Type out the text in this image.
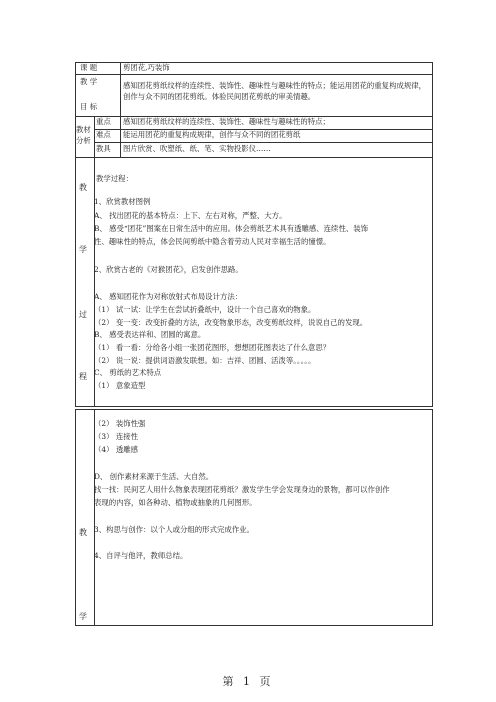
课 题	剪团花,巧装饰
教 学
目 标
感知团花剪纸纹样的连续性、装饰性、趣味性与趣味性的特点；能运用团花的重复构成规律，创作与众不同的团花剪纸。体验民间团花剪纸的审美情趣。
教材
分析
重点 感知团花剪纸纹样的连续性、装饰性、趣味性与趣味性的特点；
难点 能运用团花的重复构成规律，创作与众不同的团花剪纸
教具 图片欣赏、吹塑纸、纸、笔、实物投影仪……
教
学
过
程
教学过程：
1、欣赏教材图例
A、 找出团花的基本特点：上下、左右对称，严整、大方。
B、 感受“团花”图案在日常生活中的应用。体会剪纸艺术具有透雕感、连续性、装饰
性、趣味性的特点，体会民间剪纸中隐含着劳动人民对幸福生活的憧憬。
2、欣赏古老的《对猴团花》，启发创作思路。
A、 感知团花作为对称放射式布局设计方法：
（1） 试一试：让学生在尝试折叠纸中，设计一个自己喜欢的物象。
（2） 变一变：改变折叠的方法，改变物象形态，改变剪纸纹样，说说自己的发现。
B、 感受表达祥和、团圆的寓意。
（1） 看一看：分给各小组一张团花图形，想想团花图表达了什么意思？
（2） 说一说：提供词语激发联想。如：吉祥、团圆、活泼等。。。。。
C、 剪纸的艺术特点
（1） 意象造型
教
学
（2） 装饰性强
（3） 连接性
（4） 透雕感
D、 创作素材来源于生活、大自然。
找一找：民间艺人用什么物象表现团花剪纸？激发学生学会发现身边的景物，都可以作创作
表现的内容，如各种动、植物或抽象的几何图形。
3、构思与创作：以个人或分组的形式完成作业。
4、自评与他评，教师总结。
第 1 页
